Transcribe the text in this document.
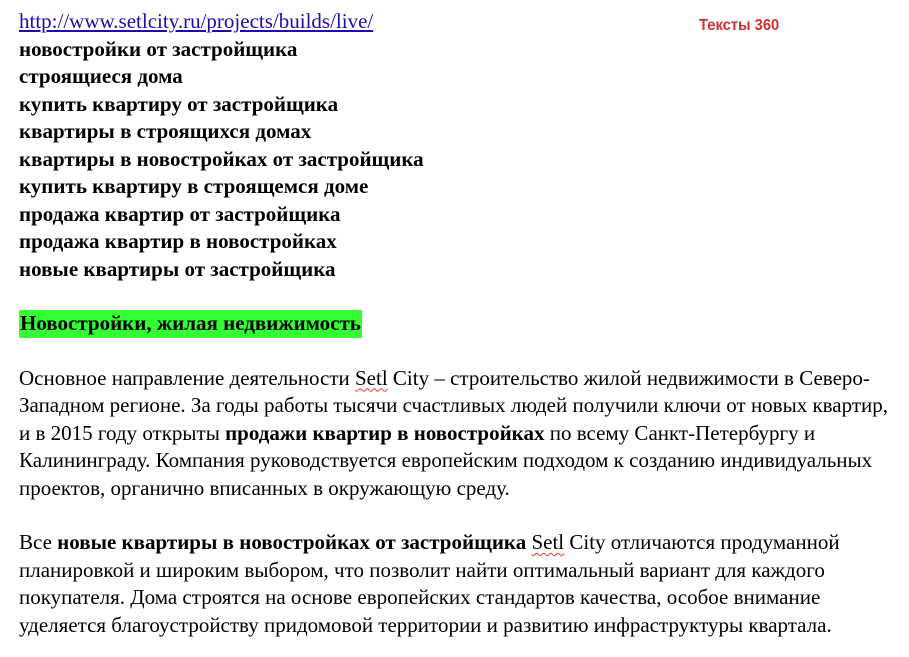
http://www.setlcity.ru/projects/builds/live/
новостройки от застройщика
строящиеся дома
купить квартиру от застройщика
квартиры в строящихся домах
квартиры в новостройках от застройщика
купить квартиру в строящемся доме
продажа квартир от застройщика
продажа квартир в новостройках
новые квартиры от застройщика
Новостройки, жилая недвижимость

Основное направление деятельности Setl City – строительство жилой недвижимости в Северо-Западном регионе. За годы работы тысячи счастливых людей получили ключи от новых квартир, и в 2015 году открыты продажи квартир в новостройках по всему Санкт-Петербургу и Калининграду. Компания руководствуется европейским подходом к созданию индивидуальных проектов, органично вписанных в окружающую среду.

Все новые квартиры в новостройках от застройщика Setl City отличаются продуманной планировкой и широким выбором, что позволит найти оптимальный вариант для каждого покупателя. Дома строятся на основе европейских стандартов качества, особое внимание уделяется благоустройству придомовой территории и развитию инфраструктуры квартала.

Тексты 360
